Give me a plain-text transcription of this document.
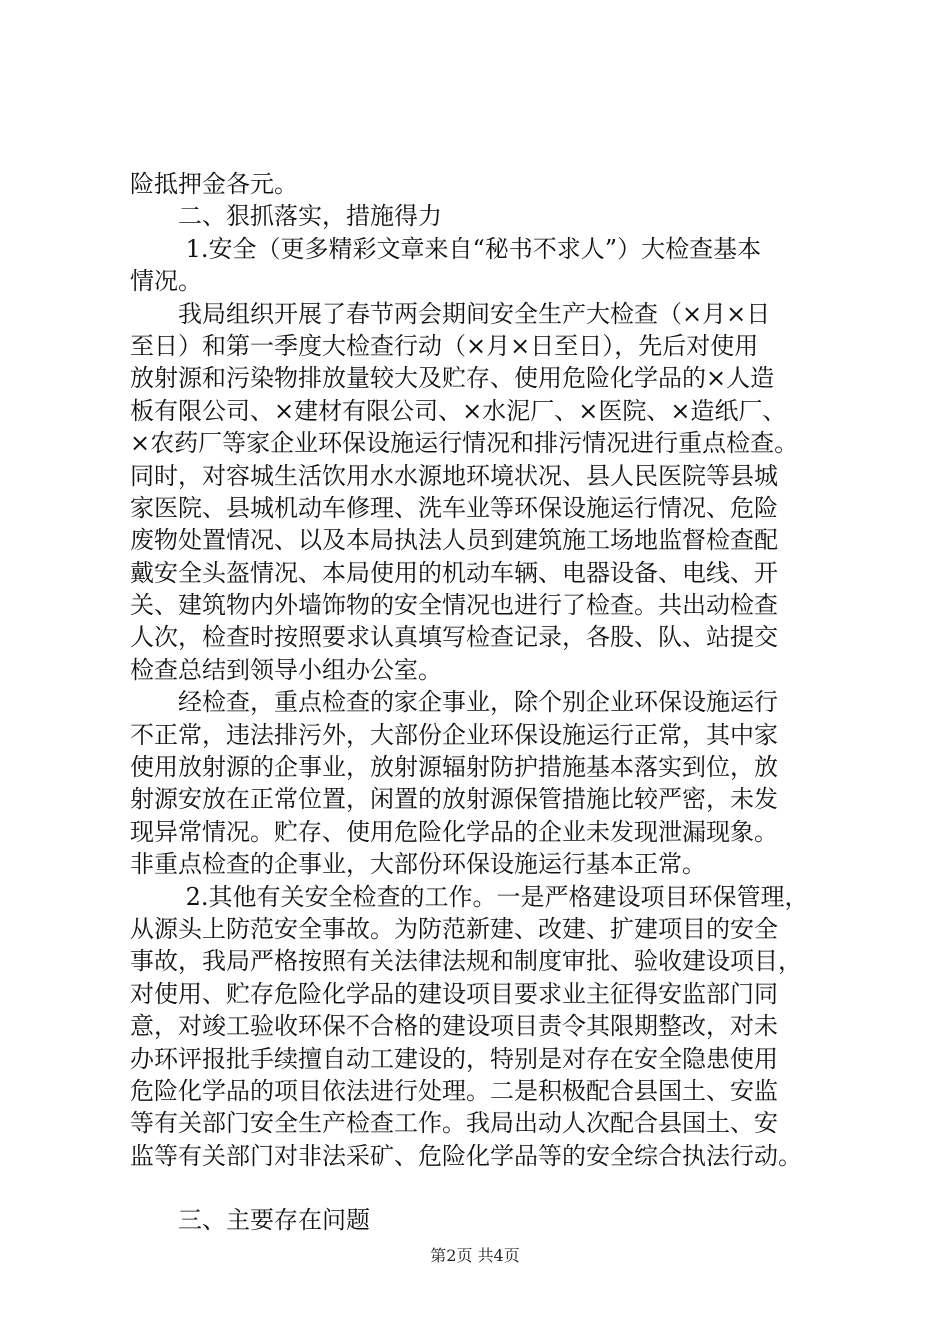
险抵押金各元。
　　二、狠抓落实，措施得力
　　 1.安全（更多精彩文章来自“秘书不求人”）大检查基本
情况。
　　我局组织开展了春节两会期间安全生产大检查（×月×日
至日）和第一季度大检查行动（×月×日至日），先后对使用
放射源和污染物排放量较大及贮存、使用危险化学品的×人造
板有限公司、×建材有限公司、×水泥厂、×医院、×造纸厂、
×农药厂等家企业环保设施运行情况和排污情况进行重点检查。
同时，对容城生活饮用水水源地环境状况、县人民医院等县城
家医院、县城机动车修理、洗车业等环保设施运行情况、危险
废物处置情况、以及本局执法人员到建筑施工场地监督检查配
戴安全头盔情况、本局使用的机动车辆、电器设备、电线、开
关、建筑物内外墙饰物的安全情况也进行了检查。共出动检查
人次，检查时按照要求认真填写检查记录，各股、队、站提交
检查总结到领导小组办公室。
　　经检查，重点检查的家企事业，除个别企业环保设施运行
不正常，违法排污外，大部份企业环保设施运行正常，其中家
使用放射源的企事业，放射源辐射防护措施基本落实到位，放
射源安放在正常位置，闲置的放射源保管措施比较严密，未发
现异常情况。贮存、使用危险化学品的企业未发现泄漏现象。
非重点检查的企事业，大部份环保设施运行基本正常。
　　 2.其他有关安全检查的工作。一是严格建设项目环保管理，
从源头上防范安全事故。为防范新建、改建、扩建项目的安全
事故，我局严格按照有关法律法规和制度审批、验收建设项目，
对使用、贮存危险化学品的建设项目要求业主征得安监部门同
意，对竣工验收环保不合格的建设项目责令其限期整改，对未
办环评报批手续擅自动工建设的，特别是对存在安全隐患使用
危险化学品的项目依法进行处理。二是积极配合县国土、安监
等有关部门安全生产检查工作。我局出动人次配合县国土、安
监等有关部门对非法采矿、危险化学品等的安全综合执法行动。
　　三、主要存在问题
第2页 共4页
